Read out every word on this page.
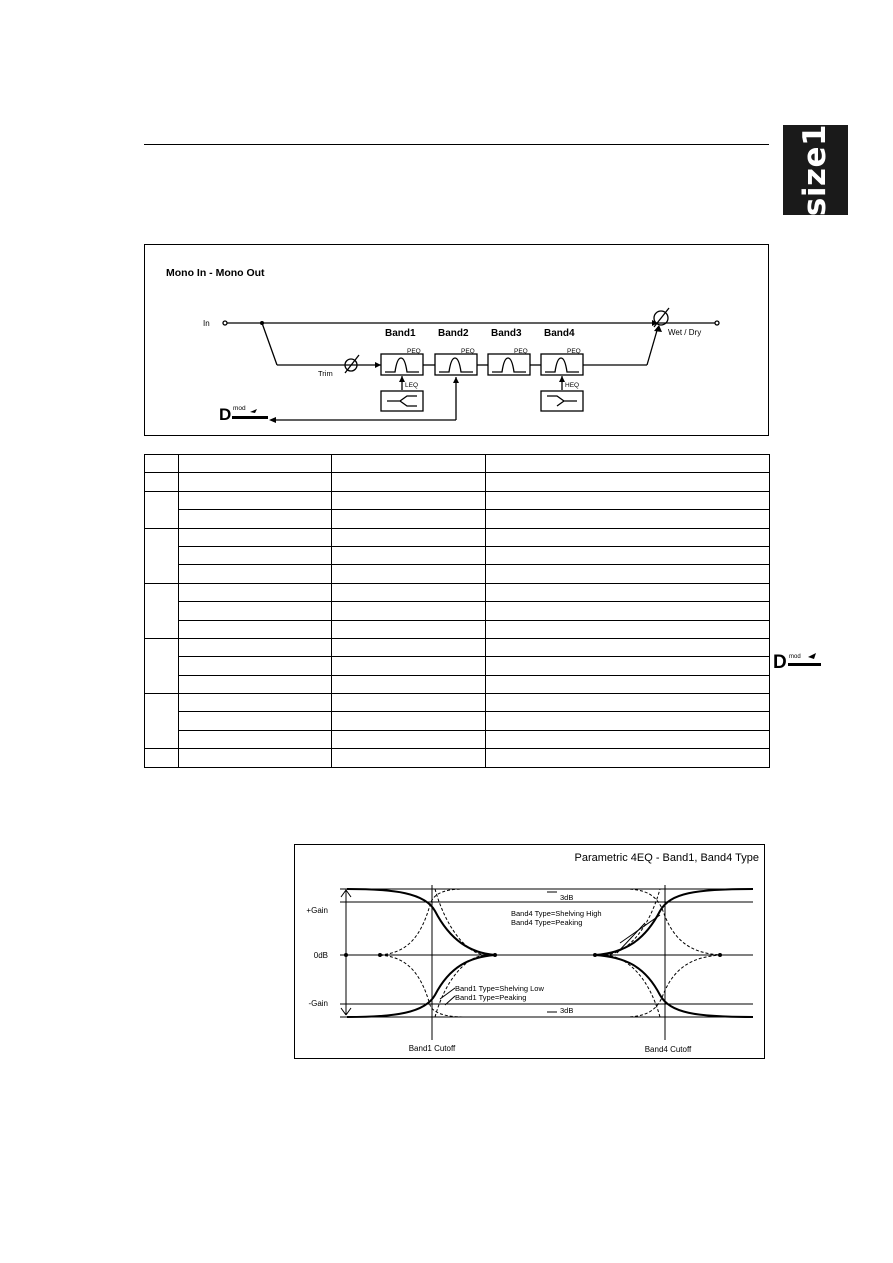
size1
Mono In - Mono Out
In
Wet / Dry
Trim
Band1 Band2 Band3 Band4
PEQ	PEQ	PEQ	PEQ
LEQ	HEQ
D mod

D mod
Parametric 4EQ - Band1, Band4 Type
+Gain
0dB
-Gain
3dB
3dB
Band4 Type=Shelving High
Band4 Type=Peaking
Band1 Type=Shelving Low
Band1 Type=Peaking
Band1 Cutoff	Band4 Cutoff
